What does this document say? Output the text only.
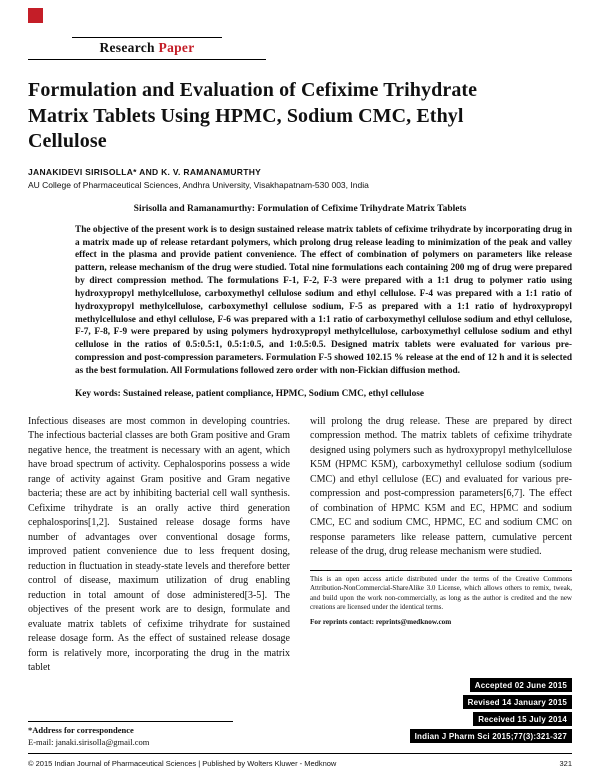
Research Paper
Formulation and Evaluation of Cefixime Trihydrate Matrix Tablets Using HPMC, Sodium CMC, Ethyl Cellulose
JANAKIDEVI SIRISOLLA* AND K. V. RAMANAMURTHY
AU College of Pharmaceutical Sciences, Andhra University, Visakhapatnam-530 003, India
Sirisolla and Ramanamurthy: Formulation of Cefixime Trihydrate Matrix Tablets

The objective of the present work is to design sustained release matrix tablets of cefixime trihydrate by incorporating drug in a matrix made up of release retardant polymers, which prolong drug release leading to minimization of the peak and valley effect in the plasma and provide patient convenience. The effect of combination of polymers on parameters like release pattern, release mechanism of the drug were studied. Total nine formulations each containing 200 mg of drug were prepared by direct compression method. The formulations F-1, F-2, F-3 were prepared with a 1:1 drug to polymer ratio using hydroxypropyl methylcellulose, carboxymethyl cellulose sodium and ethyl cellulose. F-4 was prepared with a 1:1 ratio of hydroxypropyl methylcellulose, carboxymethyl cellulose sodium, F-5 as prepared with a 1:1 ratio of hydroxypropyl methylcellulose and ethyl cellulose, F-6 was prepared with a 1:1 ratio of carboxymethyl cellulose sodium and ethyl cellulose, F-7, F-8, F-9 were prepared by using polymers hydroxypropyl methylcellulose, carboxymethyl cellulose sodium and ethyl cellulose in the ratios of 0.5:0.5:1, 0.5:1:0.5, and 1:0.5:0.5. Designed matrix tablets were evaluated for various pre-compression and post-compression parameters. Formulation F-5 showed 102.15 % release at the end of 12 h and it is selected as the best formulation. All Formulations followed zero order with non-Fickian diffusion method.

Key words: Sustained release, patient compliance, HPMC, Sodium CMC, ethyl cellulose

Infectious diseases are most common in developing countries. The infectious bacterial classes are both Gram positive and Gram negative hence, the treatment is necessary with an agent, which have broad spectrum of activity. Cephalosporins possess a wide range of activity against Gram positive and Gram negative bacteria; these are act by inhibiting bacterial cell wall synthesis. Cefixime trihydrate is an orally active third generation cephalosporins[1,2]. Sustained release dosage forms have number of advantages over conventional dosage forms, improved patient convenience due to less frequent dosing, reduction in fluctuation in steady-state levels and therefore better control of disease, maximum utilization of drug enabling reduction in total amount of dose administered[3-5]. The objectives of the present work are to design, formulate and evaluate matrix tablets of cefixime trihydrate for sustained release dosage form. As the effect of sustained release dosage form is relatively more, incorporating the drug in the matrix tablet

*Address for correspondence
E-mail: janaki.sirisolla@gmail.com

will prolong the drug release. These are prepared by direct compression method. The matrix tablets of cefixime trihydrate designed using polymers such as hydroxypropyl methylcellulose K5M (HPMC K5M), carboxymethyl cellulose sodium (sodium CMC) and ethyl cellulose (EC) and evaluated for various pre-compression and post-compression parameters[6,7]. The effect of combination of HPMC K5M and EC, HPMC and sodium CMC, EC and sodium CMC, HPMC, EC and sodium CMC on response parameters like release pattern, cumulative percent release of the drug, drug release mechanism were studied.

This is an open access article distributed under the terms of the Creative Commons Attribution-NonCommercial-ShareAlike 3.0 License, which allows others to remix, tweak, and build upon the work non-commercially, as long as the author is credited and the new creations are licensed under the identical terms.
For reprints contact: reprints@medknow.com
Accepted 02 June 2015
Revised 14 January 2015
Received 15 July 2014
Indian J Pharm Sci 2015;77(3):321-327
© 2015 Indian Journal of Pharmaceutical Sciences | Published by Wolters Kluwer - Medknow	321
